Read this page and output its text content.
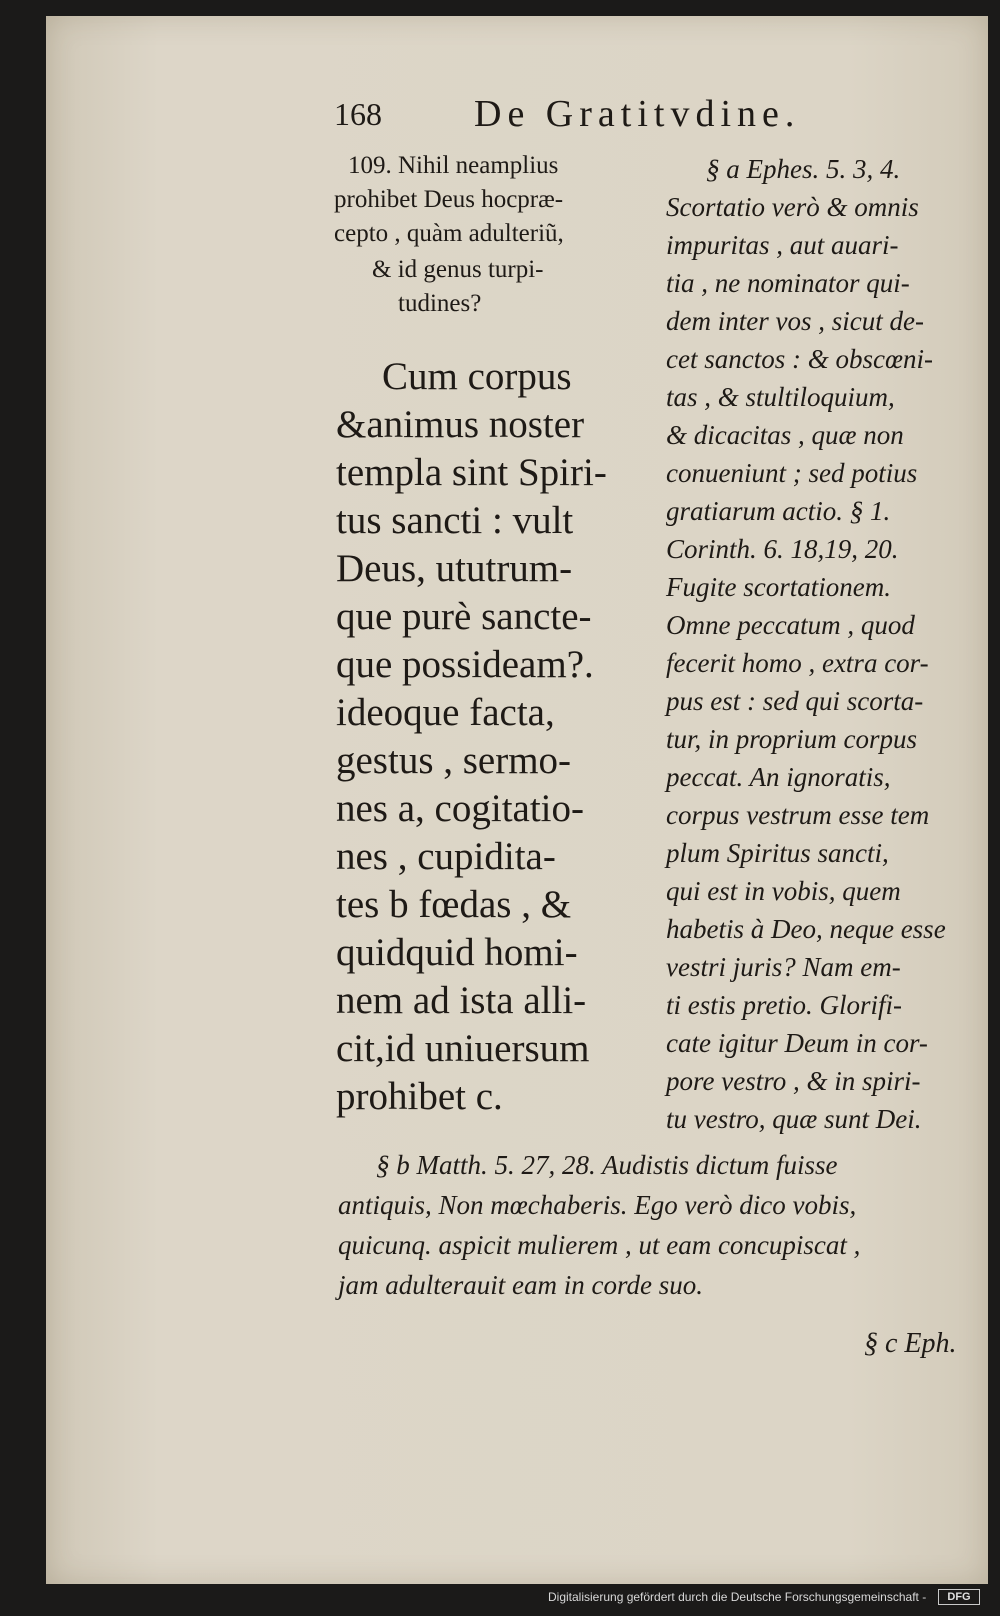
168 De Gratitvdine.
109. Nihil neamplius
prohibet Deus hocpræ-
cepto , quàm adulteriũ,
& id genus turpi-
tudines?
Cum corpus
&animus noster
templa sint Spiri-
tus sancti : vult
Deus, ututrum-
que purè sancte-
que possideam?.
ideoque facta,
gestus , sermo-
nes a, cogitatio-
nes , cupidita-
tes b fœdas , &
quidquid homi-
nem ad ista alli-
cit,id uniuersum
prohibet c.
§ a Ephes. 5. 3, 4.
Scortatio verò & omnis
impuritas , aut auari-
tia , ne nominator qui-
dem inter vos , sicut de-
cet sanctos : & obscœni-
tas , & stultiloquium,
& dicacitas , quæ non
conueniunt ; sed potius
gratiarum actio. § 1.
Corinth. 6. 18,19, 20.
Fugite scortationem.
Omne peccatum , quod
fecerit homo , extra cor-
pus est : sed qui scorta-
tur, in proprium corpus
peccat. An ignoratis,
corpus vestrum esse tem
plum Spiritus sancti,
qui est in vobis, quem
habetis à Deo, neque esse
vestri juris? Nam em-
ti estis pretio. Glorifi-
cate igitur Deum in cor-
pore vestro , & in spiri-
tu vestro, quæ sunt Dei.
§ b Matth. 5. 27, 28. Audistis dictum fuisse
antiquis, Non mœchaberis. Ego verò dico vobis,
quicunq. aspicit mulierem , ut eam concupiscat ,
jam adulterauit eam in corde suo.
§ c Eph.
Digitalisierung gefördert durch die Deutsche Forschungsgemeinschaft -	DFG
